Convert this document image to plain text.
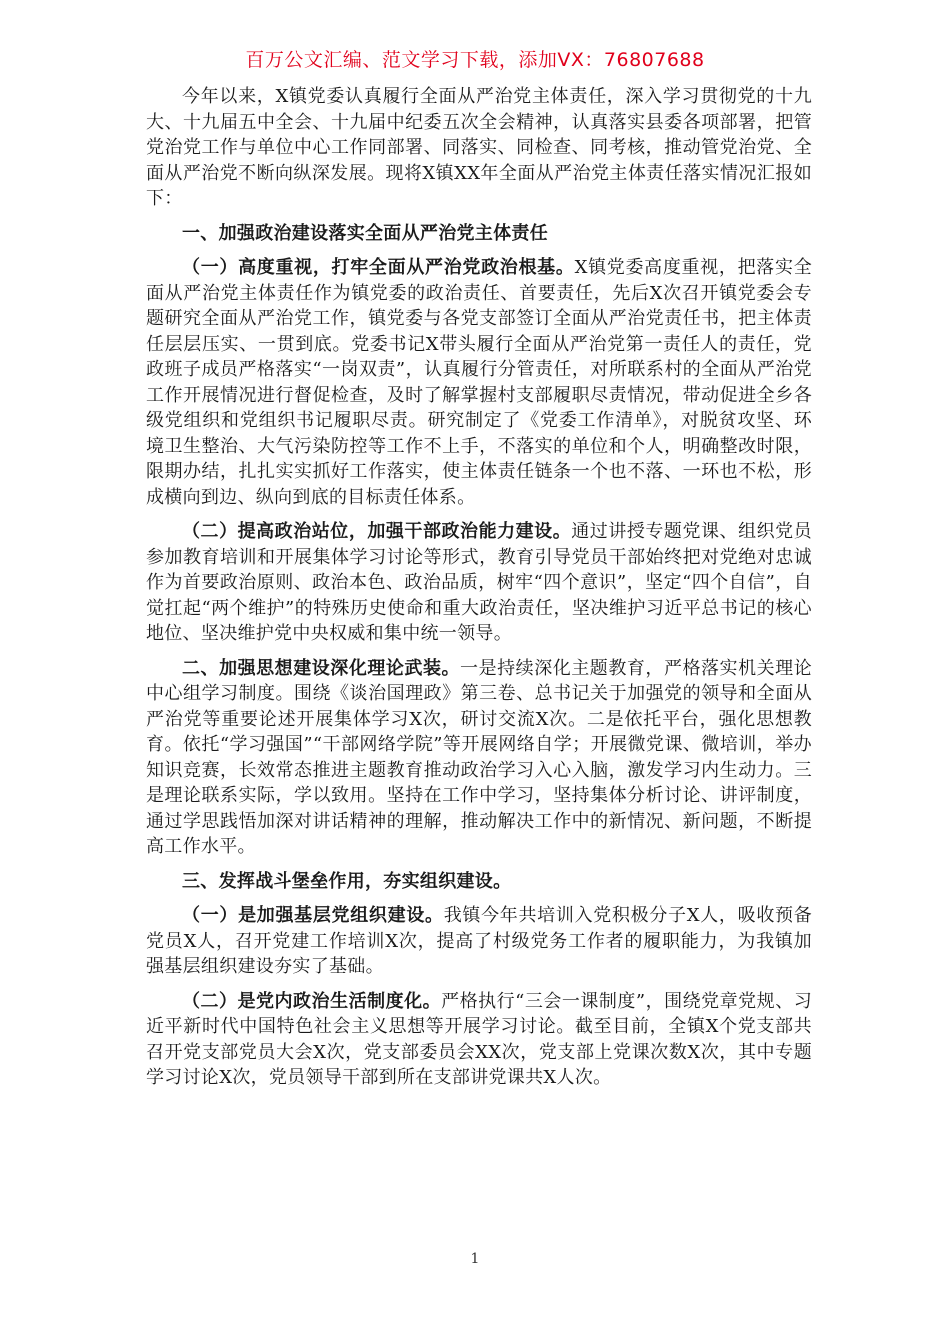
百万公文汇编、范文学习下载，添加VX：76807688

今年以来，X镇党委认真履行全面从严治党主体责任，深入学习贯彻党的十九大、十九届五中全会、十九届中纪委五次全会精神，认真落实县委各项部署，把管党治党工作与单位中心工作同部署、同落实、同检查、同考核，推动管党治党、全面从严治党不断向纵深发展。现将X镇XX年全面从严治党主体责任落实情况汇报如下：

一、加强政治建设落实全面从严治党主体责任

（一）高度重视，打牢全面从严治党政治根基。X镇党委高度重视，把落实全面从严治党主体责任作为镇党委的政治责任、首要责任，先后X次召开镇党委会专题研究全面从严治党工作，镇党委与各党支部签订全面从严治党责任书，把主体责任层层压实、一贯到底。党委书记X带头履行全面从严治党第一责任人的责任，党政班子成员严格落实“一岗双责”，认真履行分管责任，对所联系村的全面从严治党工作开展情况进行督促检查，及时了解掌握村支部履职尽责情况，带动促进全乡各级党组织和党组织书记履职尽责。研究制定了《党委工作清单》，对脱贫攻坚、环境卫生整治、大气污染防控等工作不上手，不落实的单位和个人，明确整改时限，限期办结，扎扎实实抓好工作落实，使主体责任链条一个也不落、一环也不松，形成横向到边、纵向到底的目标责任体系。

（二）提高政治站位，加强干部政治能力建设。通过讲授专题党课、组织党员参加教育培训和开展集体学习讨论等形式，教育引导党员干部始终把对党绝对忠诚作为首要政治原则、政治本色、政治品质，树牢“四个意识”，坚定“四个自信”，自觉扛起“两个维护”的特殊历史使命和重大政治责任，坚决维护习近平总书记的核心地位、坚决维护党中央权威和集中统一领导。

二、加强思想建设深化理论武装。一是持续深化主题教育，严格落实机关理论中心组学习制度。围绕《谈治国理政》第三卷、总书记关于加强党的领导和全面从严治党等重要论述开展集体学习X次，研讨交流X次。二是依托平台，强化思想教育。依托“学习强国”“干部网络学院”等开展网络自学；开展微党课、微培训，举办知识竞赛，长效常态推进主题教育推动政治学习入心入脑，激发学习内生动力。三是理论联系实际，学以致用。坚持在工作中学习，坚持集体分析讨论、讲评制度，通过学思践悟加深对讲话精神的理解，推动解决工作中的新情况、新问题，不断提高工作水平。

三、发挥战斗堡垒作用，夯实组织建设。

（一）是加强基层党组织建设。我镇今年共培训入党积极分子X人，吸收预备党员X人，召开党建工作培训X次，提高了村级党务工作者的履职能力，为我镇加强基层组织建设夯实了基础。

（二）是党内政治生活制度化。严格执行“三会一课制度”，围绕党章党规、习近平新时代中国特色社会主义思想等开展学习讨论。截至目前，全镇X个党支部共召开党支部党员大会X次，党支部委员会XX次，党支部上党课次数X次，其中专题学习讨论X次，党员领导干部到所在支部讲党课共X人次。

1
